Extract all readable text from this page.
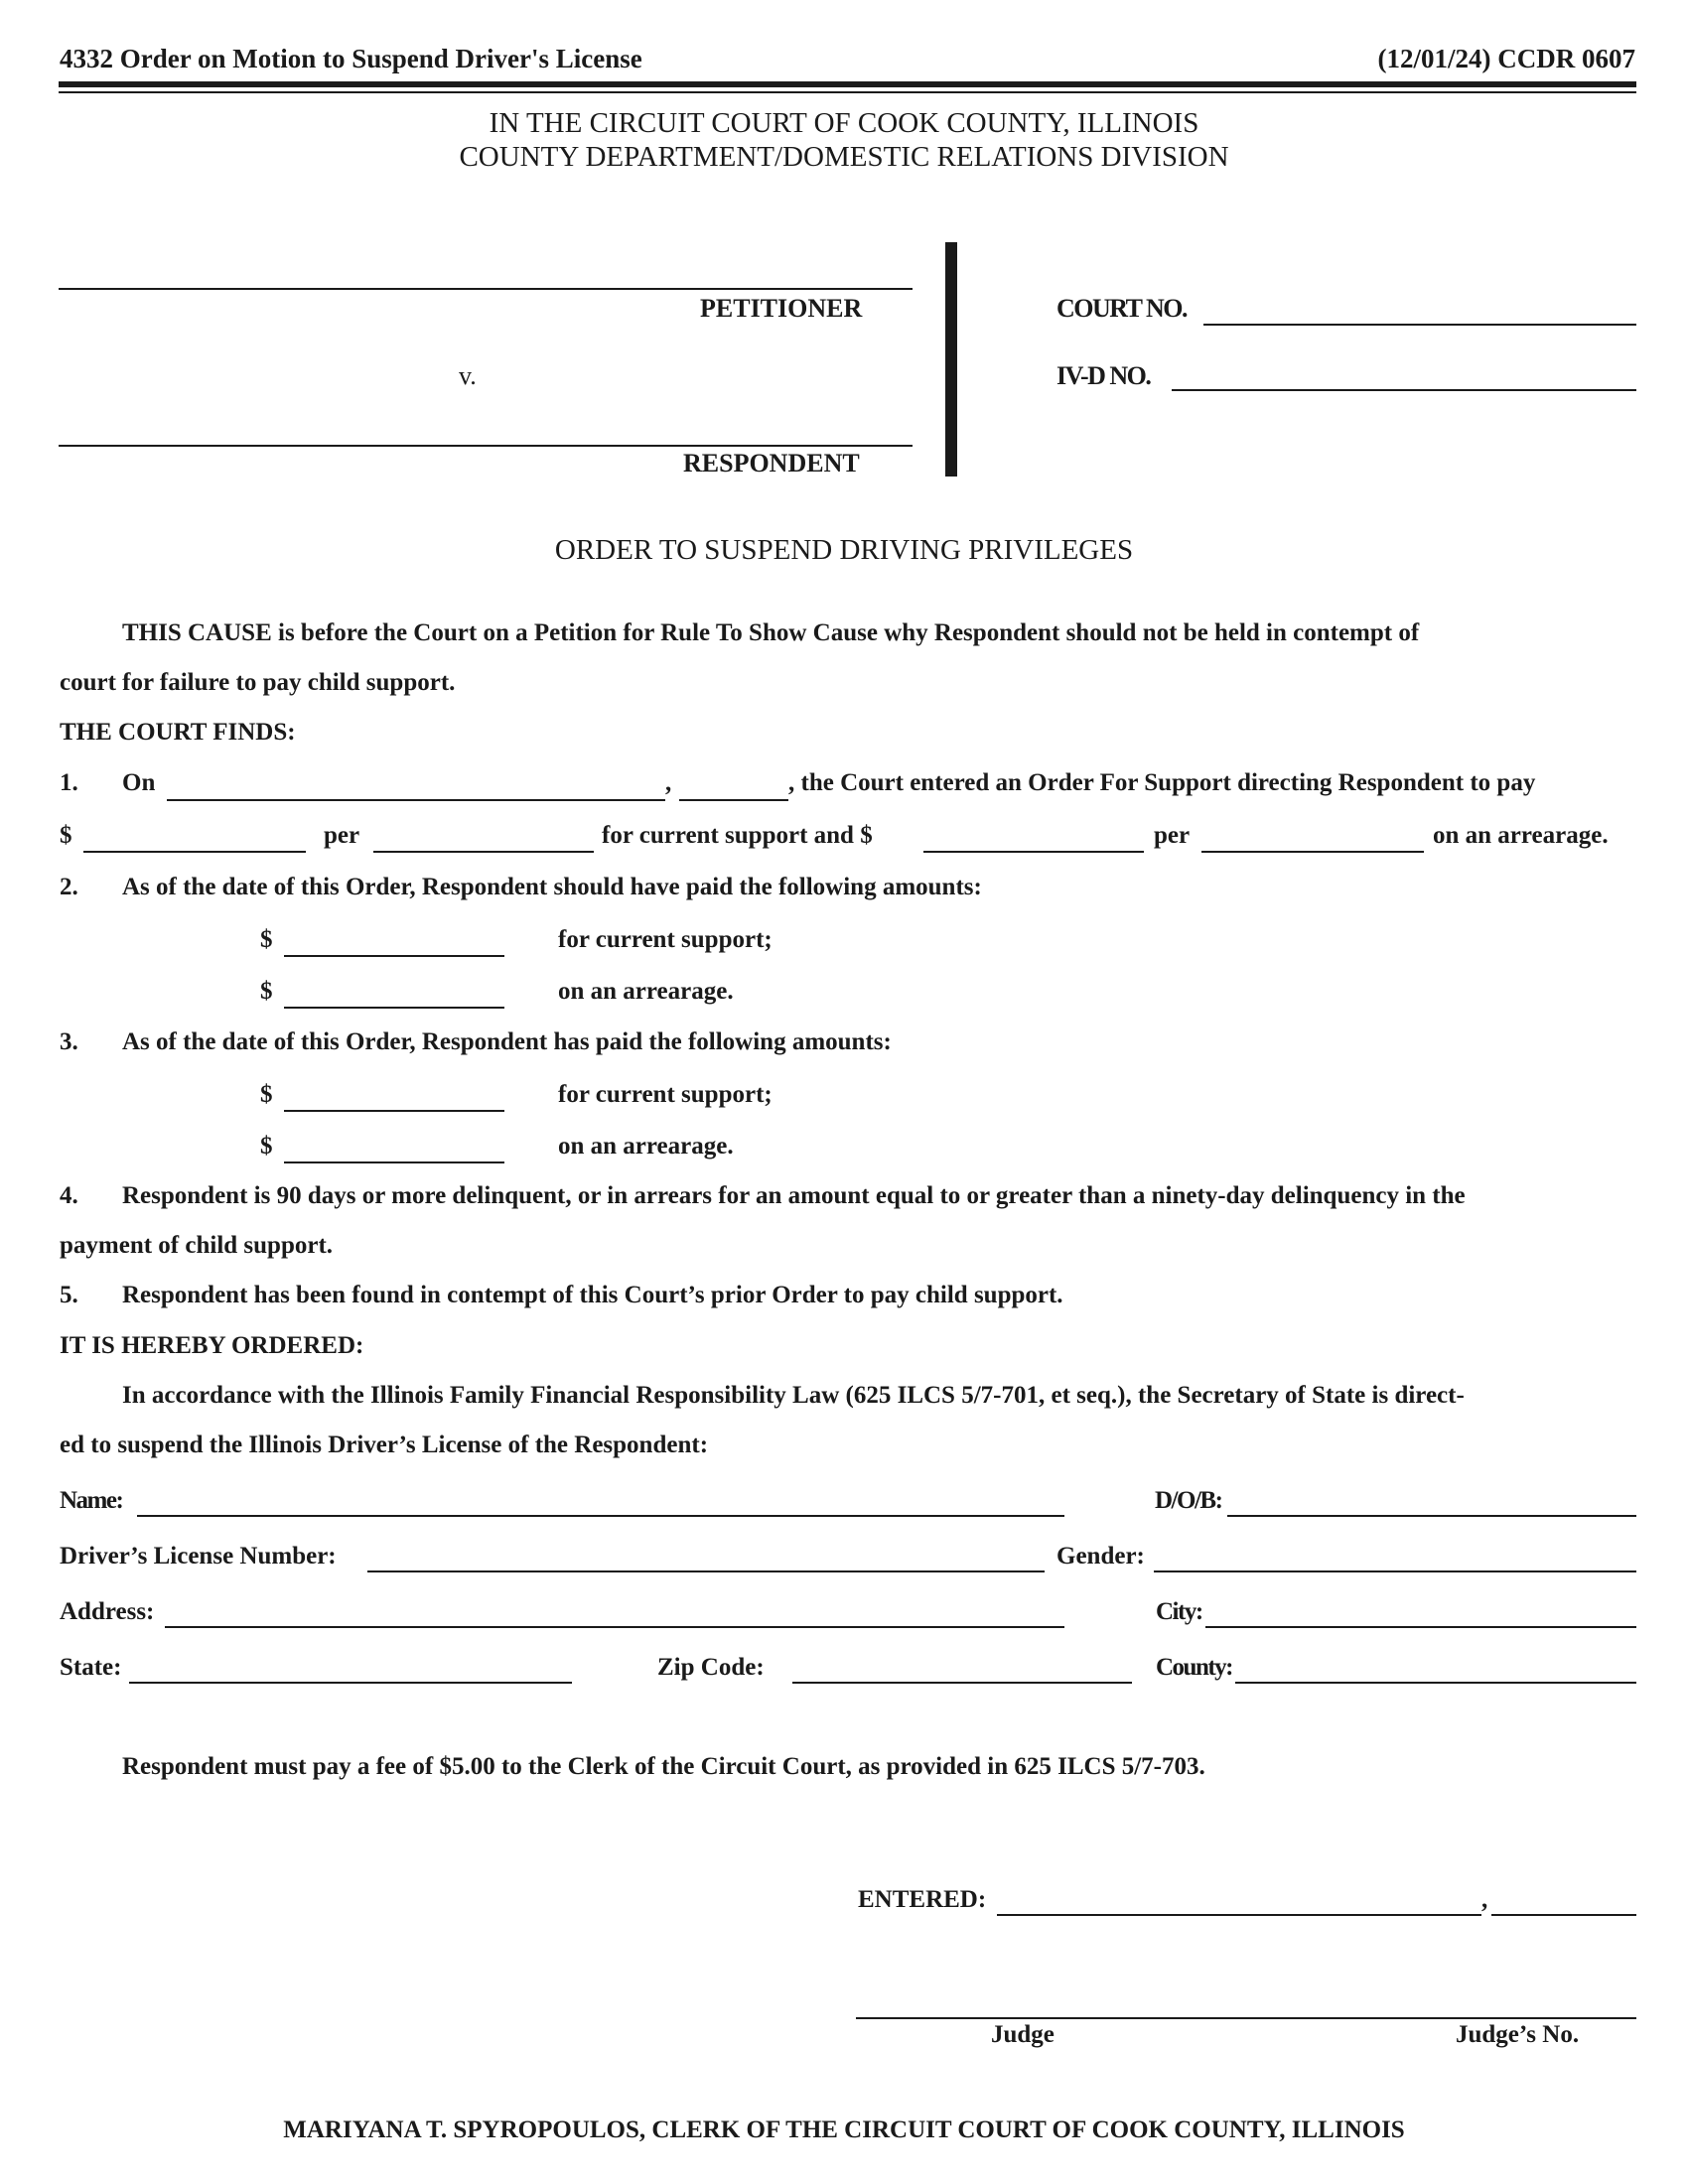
4332 Order on Motion to Suspend Driver's License	(12/01/24) CCDR 0607
IN THE CIRCUIT COURT OF COOK COUNTY, ILLINOIS
COUNTY DEPARTMENT/DOMESTIC RELATIONS DIVISION
PETITIONER
v.
RESPONDENT
COURT NO.
IV-D NO.
ORDER TO SUSPEND DRIVING PRIVILEGES
THIS CAUSE is before the Court on a Petition for Rule To Show Cause why Respondent should not be held in contempt of
court for failure to pay child support.
THE COURT FINDS:
1. On	,	, the Court entered an Order For Support directing Respondent to pay
$	per	for current support and $	per	on an arrearage.
2. As of the date of this Order, Respondent should have paid the following amounts:
$	for current support;
$	on an arrearage.
3. As of the date of this Order, Respondent has paid the following amounts:
$	for current support;
$	on an arrearage.
4. Respondent is 90 days or more delinquent, or in arrears for an amount equal to or greater than a ninety-day delinquency in the
payment of child support.
5. Respondent has been found in contempt of this Court’s prior Order to pay child support.
IT IS HEREBY ORDERED:
In accordance with the Illinois Family Financial Responsibility Law (625 ILCS 5/7-701, et seq.), the Secretary of State is direct-
ed to suspend the Illinois Driver’s License of the Respondent:
Name:	D/O/B:
Driver’s License Number:	Gender:
Address:	City:
State:	Zip Code:	County:
Respondent must pay a fee of $5.00 to the Clerk of the Circuit Court, as provided in 625 ILCS 5/7-703.
ENTERED:	,
Judge	Judge’s No.
MARIYANA T. SPYROPOULOS, CLERK OF THE CIRCUIT COURT OF COOK COUNTY, ILLINOIS
